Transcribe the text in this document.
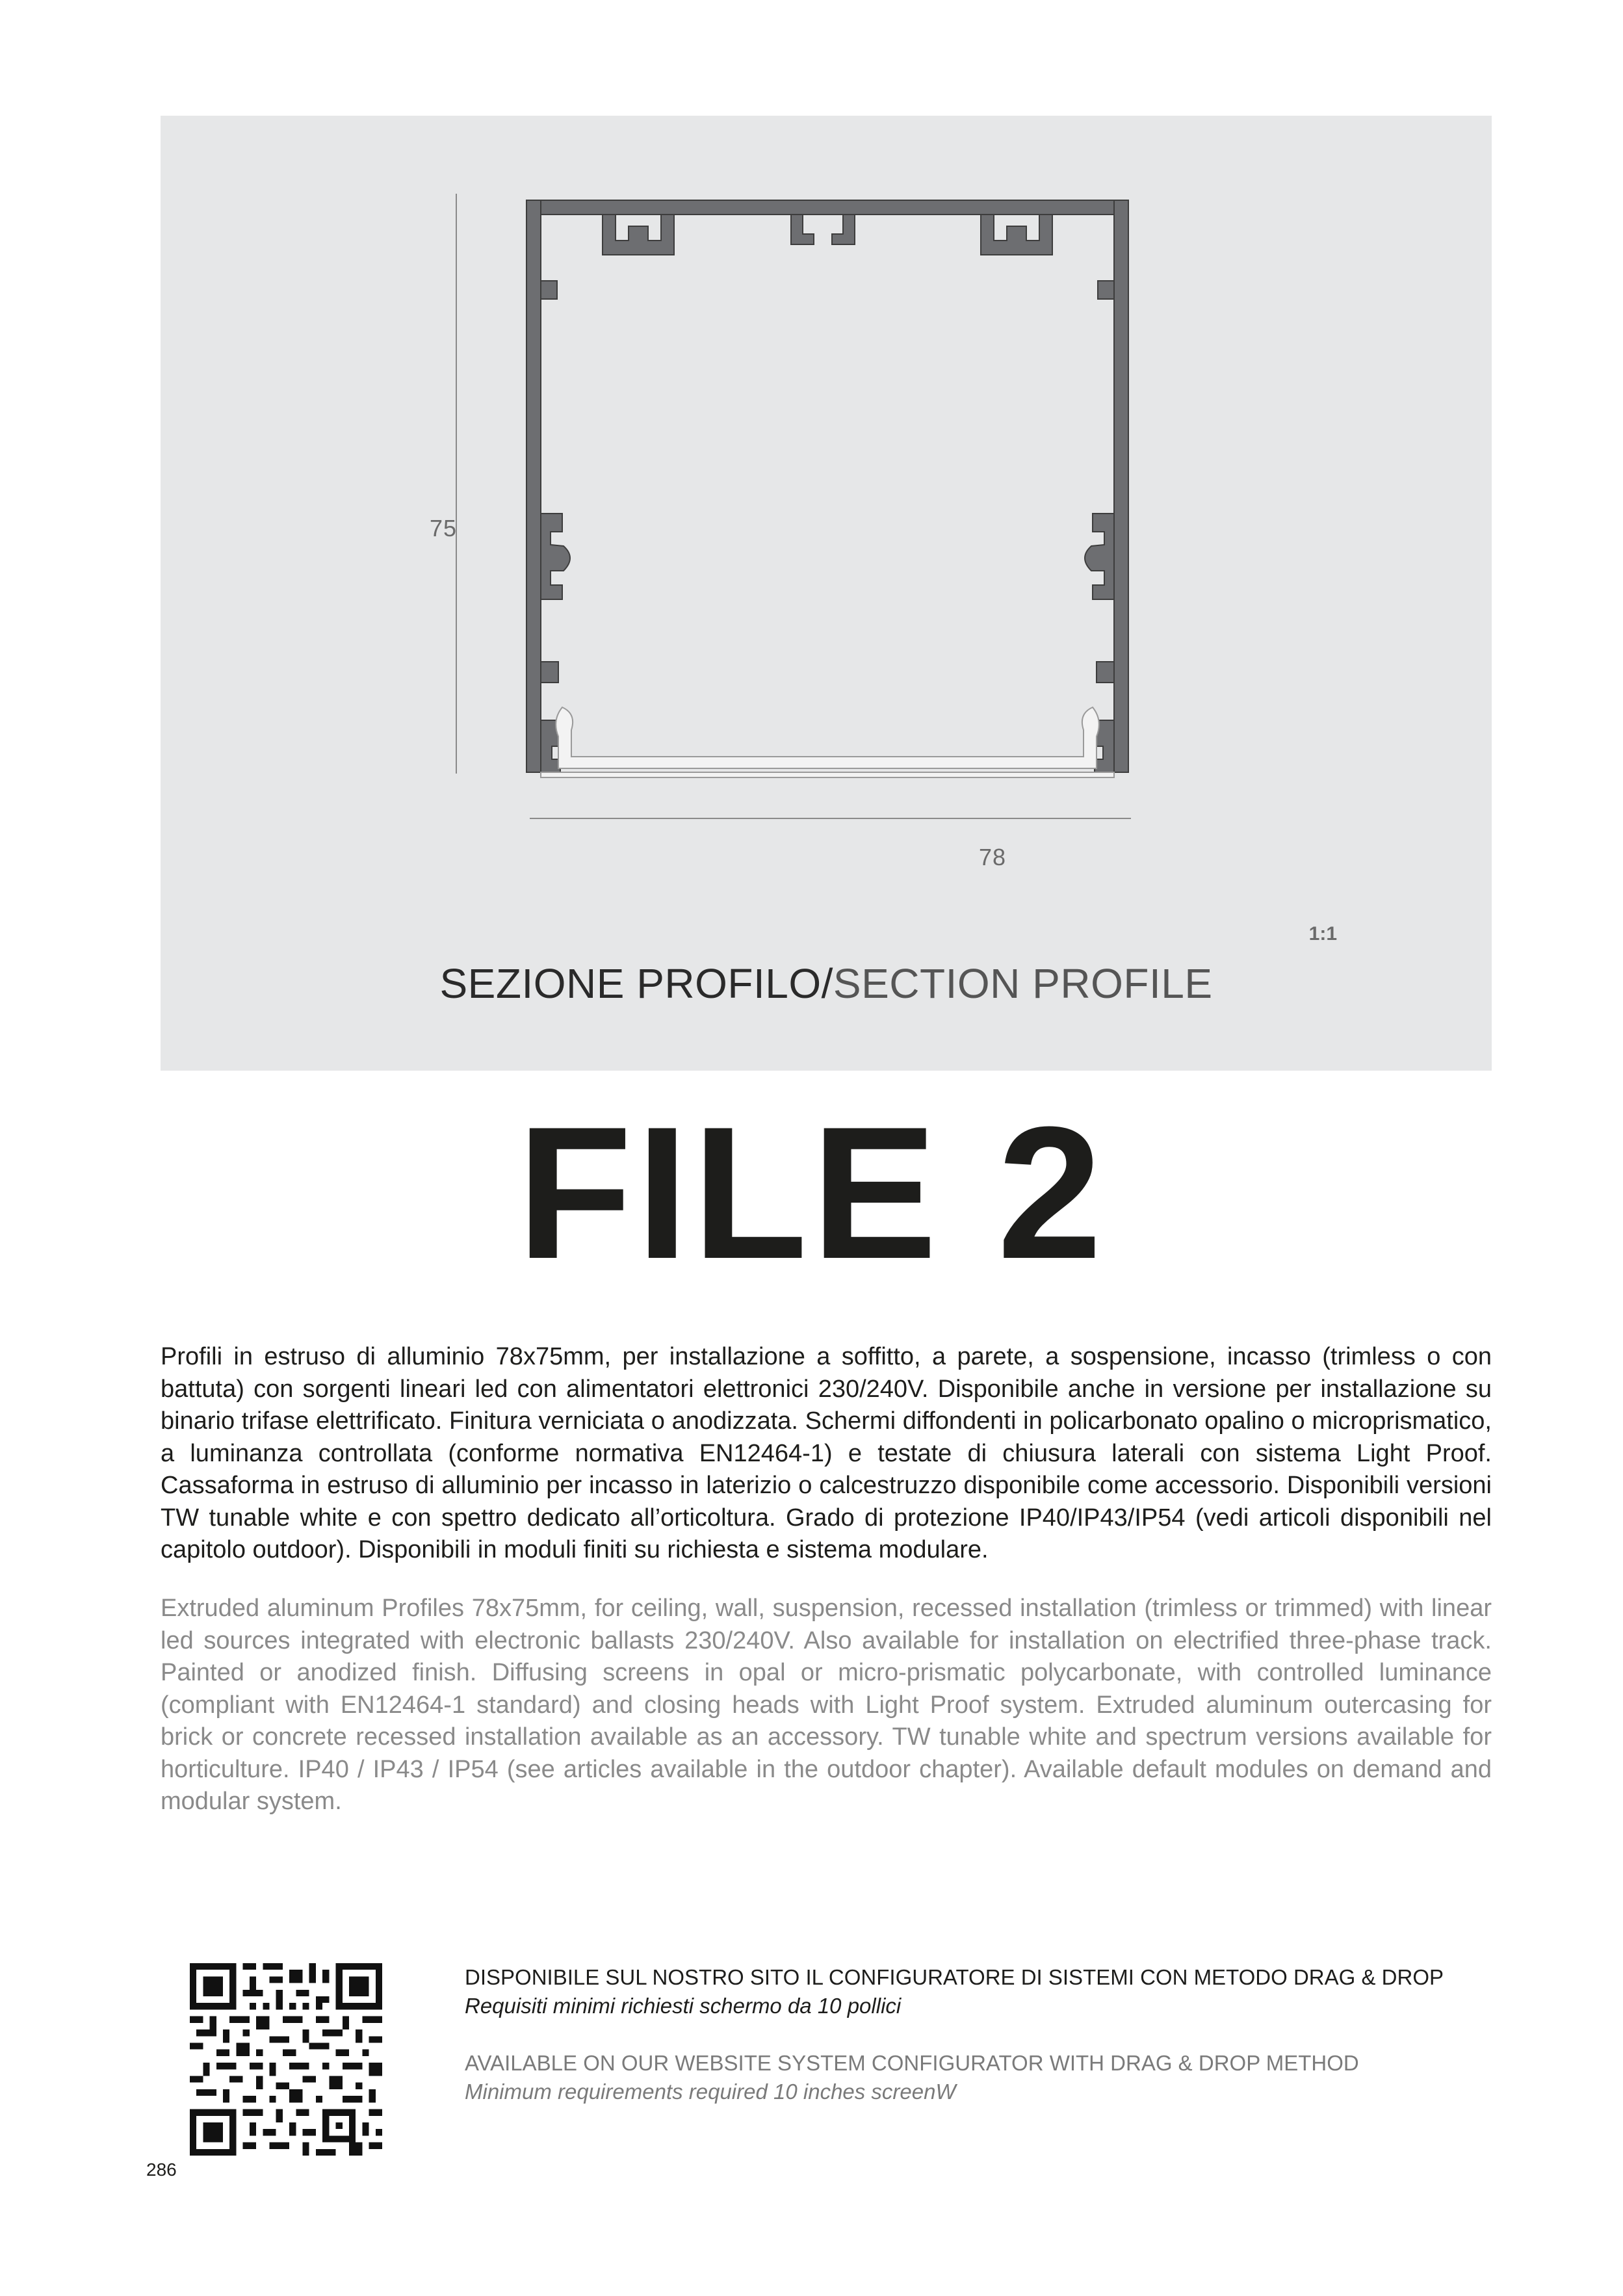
75
78
1:1
SEZIONE PROFILO/SECTION PROFILE
FILE 2

Profili in estruso di alluminio 78x75mm, per installazione a soffitto, a parete, a sospensione, incasso (trimless o con battuta) con sorgenti lineari led con alimentatori elettronici 230/240V. Disponibile anche in versione per installazione su binario trifase elettrificato. Finitura verniciata o anodizzata. Schermi diffondenti in policarbonato opalino o microprismatico, a luminanza controllata (conforme normativa EN12464-1) e testate di chiusura laterali con sistema Light Proof. Cassaforma in estruso di alluminio per incasso in laterizio o calcestruzzo disponibile come accessorio. Disponibili versioni TW tunable white e con spettro dedicato all’orticoltura. Grado di protezione IP40/IP43/IP54 (vedi articoli disponibili nel capitolo outdoor). Disponibili in moduli finiti su richiesta e sistema modulare.

Extruded aluminum Profiles 78x75mm, for ceiling, wall, suspension, recessed installation (trimless or trimmed) with linear led sources integrated with electronic ballasts 230/240V. Also available for installation on electrified three-phase track. Painted or anodized finish. Diffusing screens in opal or micro-prismatic polycarbonate, with controlled luminance (compliant with EN12464-1 standard) and closing heads with Light Proof system. Extruded aluminum outercasing for brick or concrete recessed installation available as an accessory. TW tunable white and spectrum versions available for horticulture. IP40 / IP43 / IP54 (see articles available in the outdoor chapter). Available default modules on demand and modular system.

DISPONIBILE SUL NOSTRO SITO IL CONFIGURATORE DI SISTEMI CON METODO DRAG & DROP
Requisiti minimi richiesti schermo da 10 pollici
AVAILABLE ON OUR WEBSITE SYSTEM CONFIGURATOR WITH DRAG & DROP METHOD
Minimum requirements required 10 inches screenW
286
